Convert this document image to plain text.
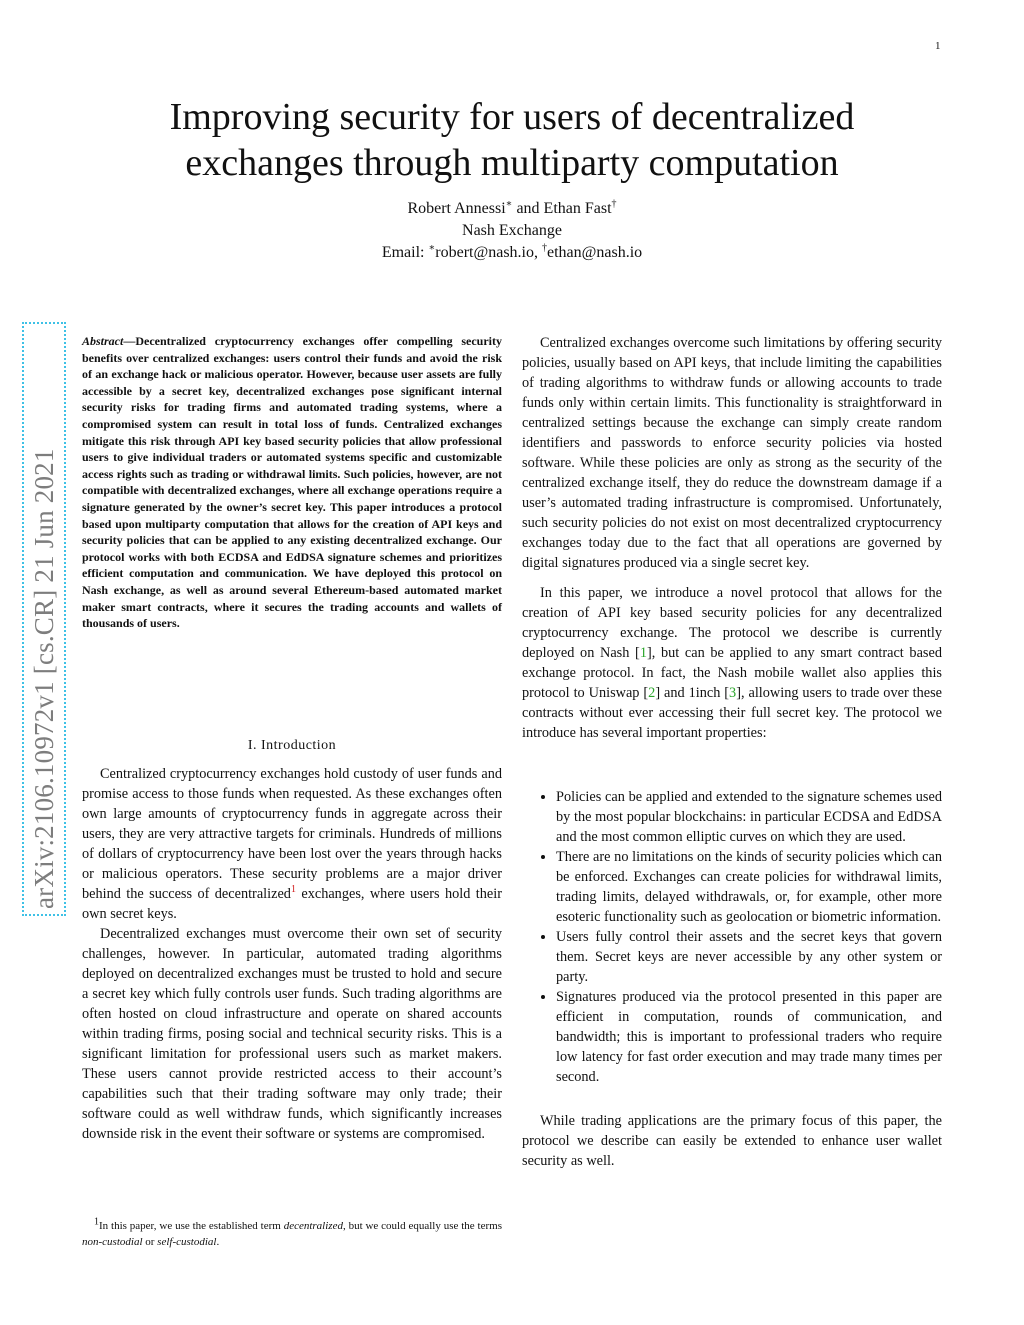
1
Improving security for users of decentralized
exchanges through multiparty computation
Robert Annessi∗ and Ethan Fast†
Nash Exchange
Email: ∗robert@nash.io, †ethan@nash.io
arXiv:2106.10972v1 [cs.CR] 21 Jun 2021
Abstract—Decentralized cryptocurrency exchanges offer compelling security benefits over centralized exchanges: users control their funds and avoid the risk of an exchange hack or malicious operator. However, because user assets are fully accessible by a secret key, decentralized exchanges pose significant internal security risks for trading firms and automated trading systems, where a compromised system can result in total loss of funds. Centralized exchanges mitigate this risk through API key based security policies that allow professional users to give individual traders or automated systems specific and customizable access rights such as trading or withdrawal limits. Such policies, however, are not compatible with decentralized exchanges, where all exchange operations require a signature generated by the owner’s secret key. This paper introduces a protocol based upon multiparty computation that allows for the creation of API keys and security policies that can be applied to any existing decentralized exchange. Our protocol works with both ECDSA and EdDSA signature schemes and prioritizes efficient computation and communication. We have deployed this protocol on Nash exchange, as well as around several Ethereum-based automated market maker smart contracts, where it secures the trading accounts and wallets of thousands of users.
I. Introduction

Centralized cryptocurrency exchanges hold custody of user funds and promise access to those funds when requested. As these exchanges often own large amounts of cryptocurrency funds in aggregate across their users, they are very attractive targets for criminals. Hundreds of millions of dollars of cryptocurrency have been lost over the years through hacks or malicious operators. These security problems are a major driver behind the success of decentralized$^1$ exchanges, where users hold their own secret keys.

Decentralized exchanges must overcome their own set of security challenges, however. In particular, automated trading algorithms deployed on decentralized exchanges must be trusted to hold and secure a secret key which fully controls user funds. Such trading algorithms are often hosted on cloud infrastructure and operate on shared accounts within trading firms, posing social and technical security risks. This is a significant limitation for professional users such as market makers. These users cannot provide restricted access to their account’s capabilities such that their trading software may only trade; their software could as well withdraw funds, which significantly increases downside risk in the event their software or systems are compromised.

$^1$In this paper, we use the established term decentralized, but we could equally use the terms non-custodial or self-custodial.

Centralized exchanges overcome such limitations by offering security policies, usually based on API keys, that include limiting the capabilities of trading algorithms to withdraw funds or allowing accounts to trade funds only within certain limits. This functionality is straightforward in centralized settings because the exchange can simply create random identifiers and passwords to enforce security policies via hosted software. While these policies are only as strong as the security of the centralized exchange itself, they do reduce the downstream damage if a user’s automated trading infrastructure is compromised. Unfortunately, such security policies do not exist on most decentralized cryptocurrency exchanges today due to the fact that all operations are governed by digital signatures produced via a single secret key.

In this paper, we introduce a novel protocol that allows for the creation of API key based security policies for any decentralized cryptocurrency exchange. The protocol we describe is currently deployed on Nash [1], but can be applied to any smart contract based exchange protocol. In fact, the Nash mobile wallet also applies this protocol to Uniswap [2] and 1inch [3], allowing users to trade over these contracts without ever accessing their full secret key. The protocol we introduce has several important properties:

• Policies can be applied and extended to the signature schemes used by the most popular blockchains: in particular ECDSA and EdDSA and the most common elliptic curves on which they are used.
• There are no limitations on the kinds of security policies which can be enforced. Exchanges can create policies for withdrawal limits, trading limits, delayed withdrawals, or, for example, other more esoteric functionality such as geolocation or biometric information.
• Users fully control their assets and the secret keys that govern them. Secret keys are never accessible by any other system or party.
• Signatures produced via the protocol presented in this paper are efficient in computation, rounds of communication, and bandwidth; this is important to professional traders who require low latency for fast order execution and may trade many times per second.

While trading applications are the primary focus of this paper, the protocol we describe can easily be extended to enhance user wallet security as well.
